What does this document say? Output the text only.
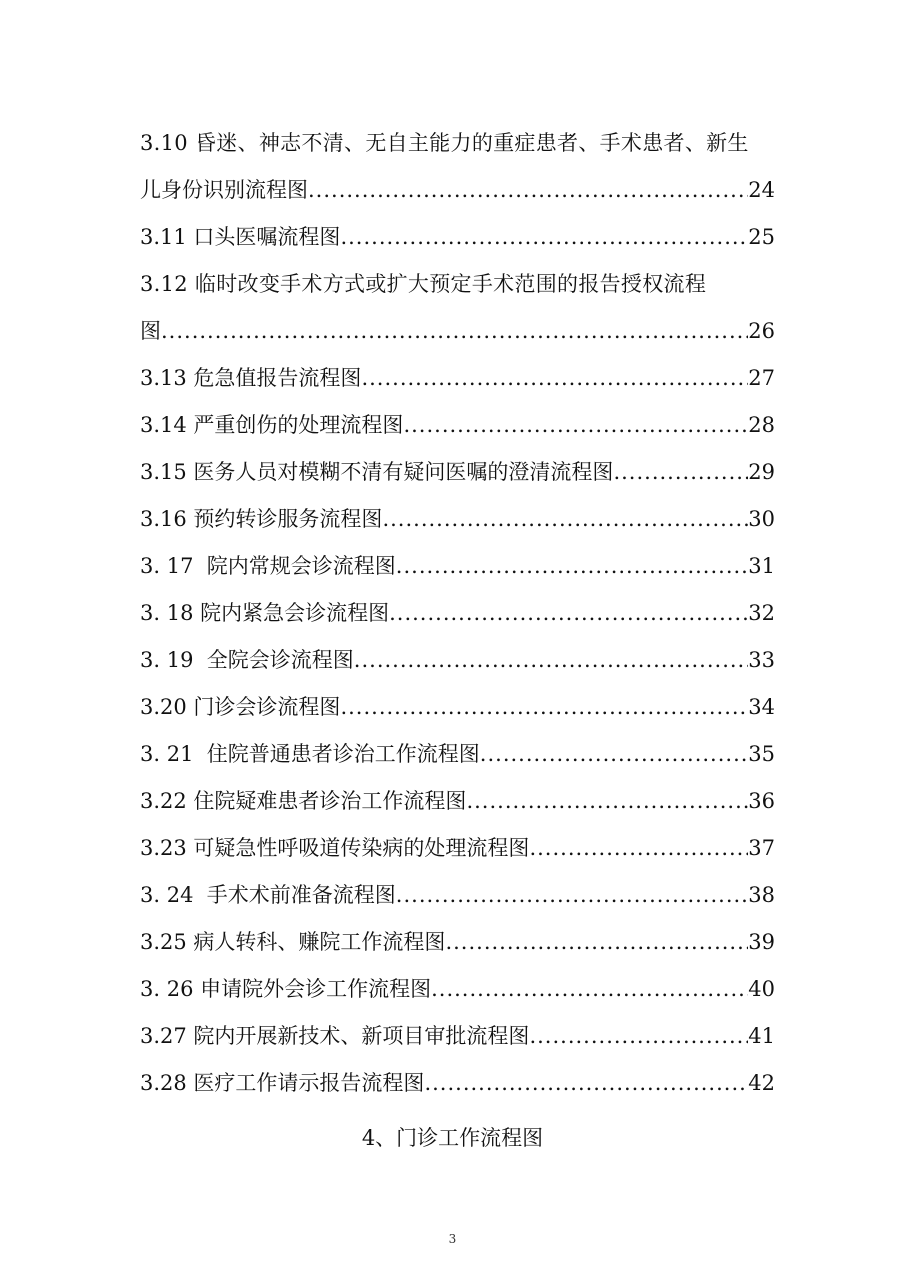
3.10 昏迷、神志不清、无自主能力的重症患者、手术患者、新生
儿身份识别流程图 .....	24
3.11 口头医嘱流程图 .....	25
3.12 临时改变手术方式或扩大预定手术范围的报告授权流程
图 .....	26
3.13 危急值报告流程图 .....	27
3.14 严重创伤的处理流程图 .....	28
3.15 医务人员对模糊不清有疑问医嘱的澄清流程图 .....	29
3.16 预约转诊服务流程图 .....	30
3. 17  院内常规会诊流程图 .....	31
3. 18 院内紧急会诊流程图 .....	32
3. 19  全院会诊流程图 .....	33
3.20 门诊会诊流程图 .....	34
3. 21  住院普通患者诊治工作流程图 .....	35
3.22 住院疑难患者诊治工作流程图 .....	36
3.23 可疑急性呼吸道传染病的处理流程图 .....	37
3. 24  手术术前准备流程图 .....	38
3.25 病人转科、赚院工作流程图 .....	39
3. 26 申请院外会诊工作流程图 .....	40
3.27 院内开展新技术、新项目审批流程图 .....	41
3.28 医疗工作请示报告流程图 .....	42
4、门诊工作流程图
3
